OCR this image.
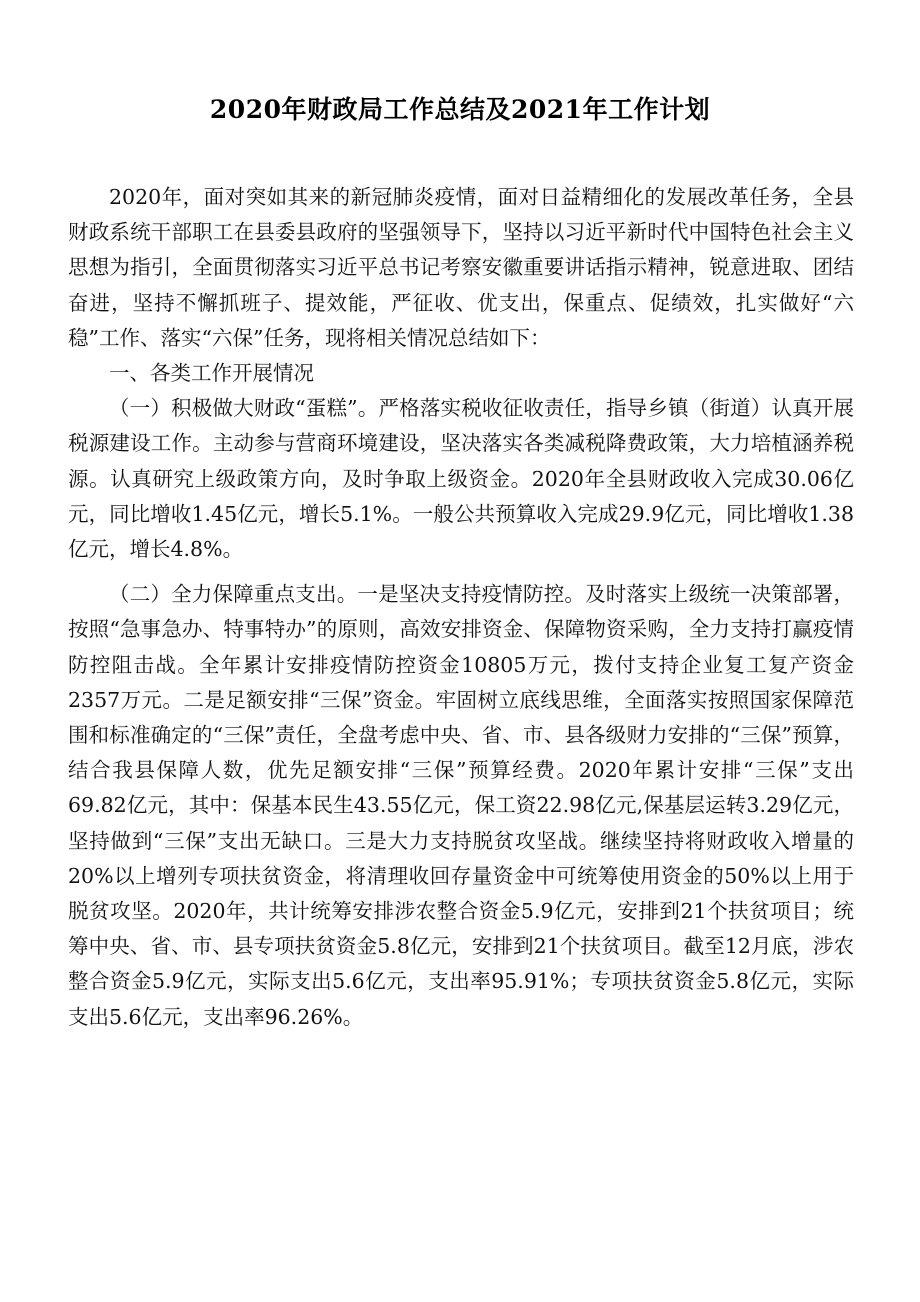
2020年财政局工作总结及2021年工作计划

2020年，面对突如其来的新冠肺炎疫情，面对日益精细化的发展改革任务，全县财政系统干部职工在县委县政府的坚强领导下，坚持以习近平新时代中国特色社会主义思想为指引，全面贯彻落实习近平总书记考察安徽重要讲话指示精神，锐意进取、团结奋进，坚持不懈抓班子、提效能，严征收、优支出，保重点、促绩效，扎实做好“六稳”工作、落实“六保”任务，现将相关情况总结如下：

一、各类工作开展情况

（一）积极做大财政“蛋糕”。严格落实税收征收责任，指导乡镇（街道）认真开展税源建设工作。主动参与营商环境建设，坚决落实各类减税降费政策，大力培植涵养税源。认真研究上级政策方向，及时争取上级资金。2020年全县财政收入完成30.06亿元，同比增收1.45亿元，增长5.1%。一般公共预算收入完成29.9亿元，同比增收1.38亿元，增长4.8%。

（二）全力保障重点支出。一是坚决支持疫情防控。及时落实上级统一决策部署，按照“急事急办、特事特办”的原则，高效安排资金、保障物资采购，全力支持打赢疫情防控阻击战。全年累计安排疫情防控资金10805万元，拨付支持企业复工复产资金2357万元。二是足额安排“三保”资金。牢固树立底线思维，全面落实按照国家保障范围和标准确定的“三保”责任，全盘考虑中央、省、市、县各级财力安排的“三保”预算，结合我县保障人数，优先足额安排“三保”预算经费。2020年累计安排“三保”支出69.82亿元，其中：保基本民生43.55亿元，保工资22.98亿元,保基层运转3.29亿元，坚持做到“三保”支出无缺口。三是大力支持脱贫攻坚战。继续坚持将财政收入增量的20%以上增列专项扶贫资金，将清理收回存量资金中可统筹使用资金的50%以上用于脱贫攻坚。2020年，共计统筹安排涉农整合资金5.9亿元，安排到21个扶贫项目；统筹中央、省、市、县专项扶贫资金5.8亿元，安排到21个扶贫项目。截至12月底，涉农整合资金5.9亿元，实际支出5.6亿元，支出率95.91%；专项扶贫资金5.8亿元，实际支出5.6亿元，支出率96.26%。
